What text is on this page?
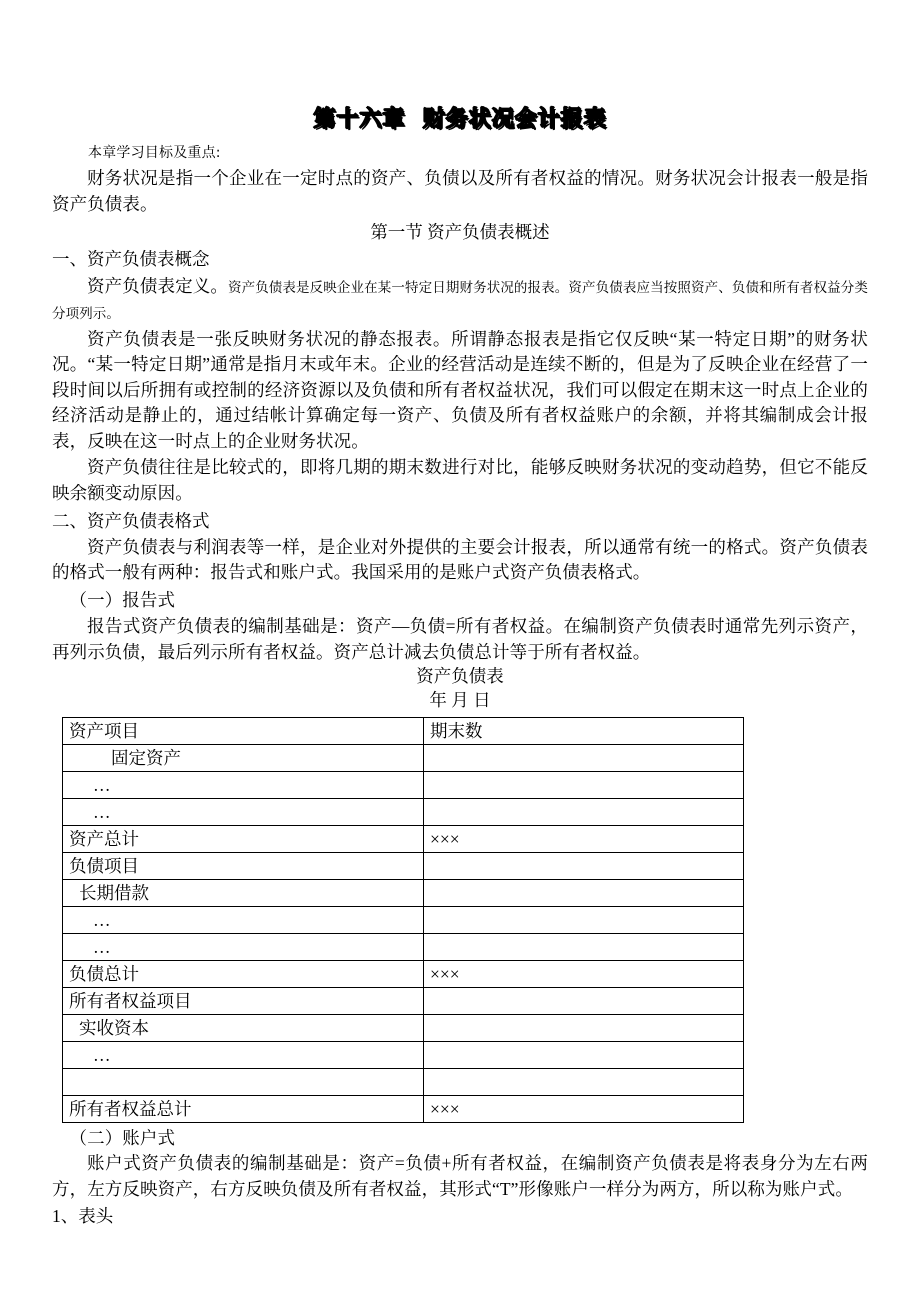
第十六章  财务状况会计报表

本章学习目标及重点:

财务状况是指一个企业在一定时点的资产、负债以及所有者权益的情况。财务状况会计报表一般是指资产负债表。

第一节 资产负债表概述

一、资产负债表概念

资产负债表定义。资产负债表是反映企业在某一特定日期财务状况的报表。资产负债表应当按照资产、负债和所有者权益分类分项列示。

资产负债表是一张反映财务状况的静态报表。所谓静态报表是指它仅反映“某一特定日期”的财务状况。“某一特定日期”通常是指月末或年末。企业的经营活动是连续不断的，但是为了反映企业在经营了一段时间以后所拥有或控制的经济资源以及负债和所有者权益状况，我们可以假定在期末这一时点上企业的经济活动是静止的，通过结帐计算确定每一资产、负债及所有者权益账户的余额，并将其编制成会计报表，反映在这一时点上的企业财务状况。

资产负债往往是比较式的，即将几期的期末数进行对比，能够反映财务状况的变动趋势，但它不能反映余额变动原因。

二、资产负债表格式

资产负债表与利润表等一样，是企业对外提供的主要会计报表，所以通常有统一的格式。资产负债表的格式一般有两种：报告式和账户式。我国采用的是账户式资产负债表格式。

（一）报告式

报告式资产负债表的编制基础是：资产—负债=所有者权益。在编制资产负债表时通常先列示资产，再列示负债，最后列示所有者权益。资产总计减去负债总计等于所有者权益。

资产负债表

年 月 日

资产项目	期末数
固定资产	
…	
…	
资产总计	×××
负债项目	
长期借款	
…	
…	
负债总计	×××
所有者权益项目	
实收资本	
…	

所有者权益总计	×××

（二）账户式

账户式资产负债表的编制基础是：资产=负债+所有者权益，在编制资产负债表是将表身分为左右两方，左方反映资产，右方反映负债及所有者权益，其形式“T”形像账户一样分为两方，所以称为账户式。

1、表头
